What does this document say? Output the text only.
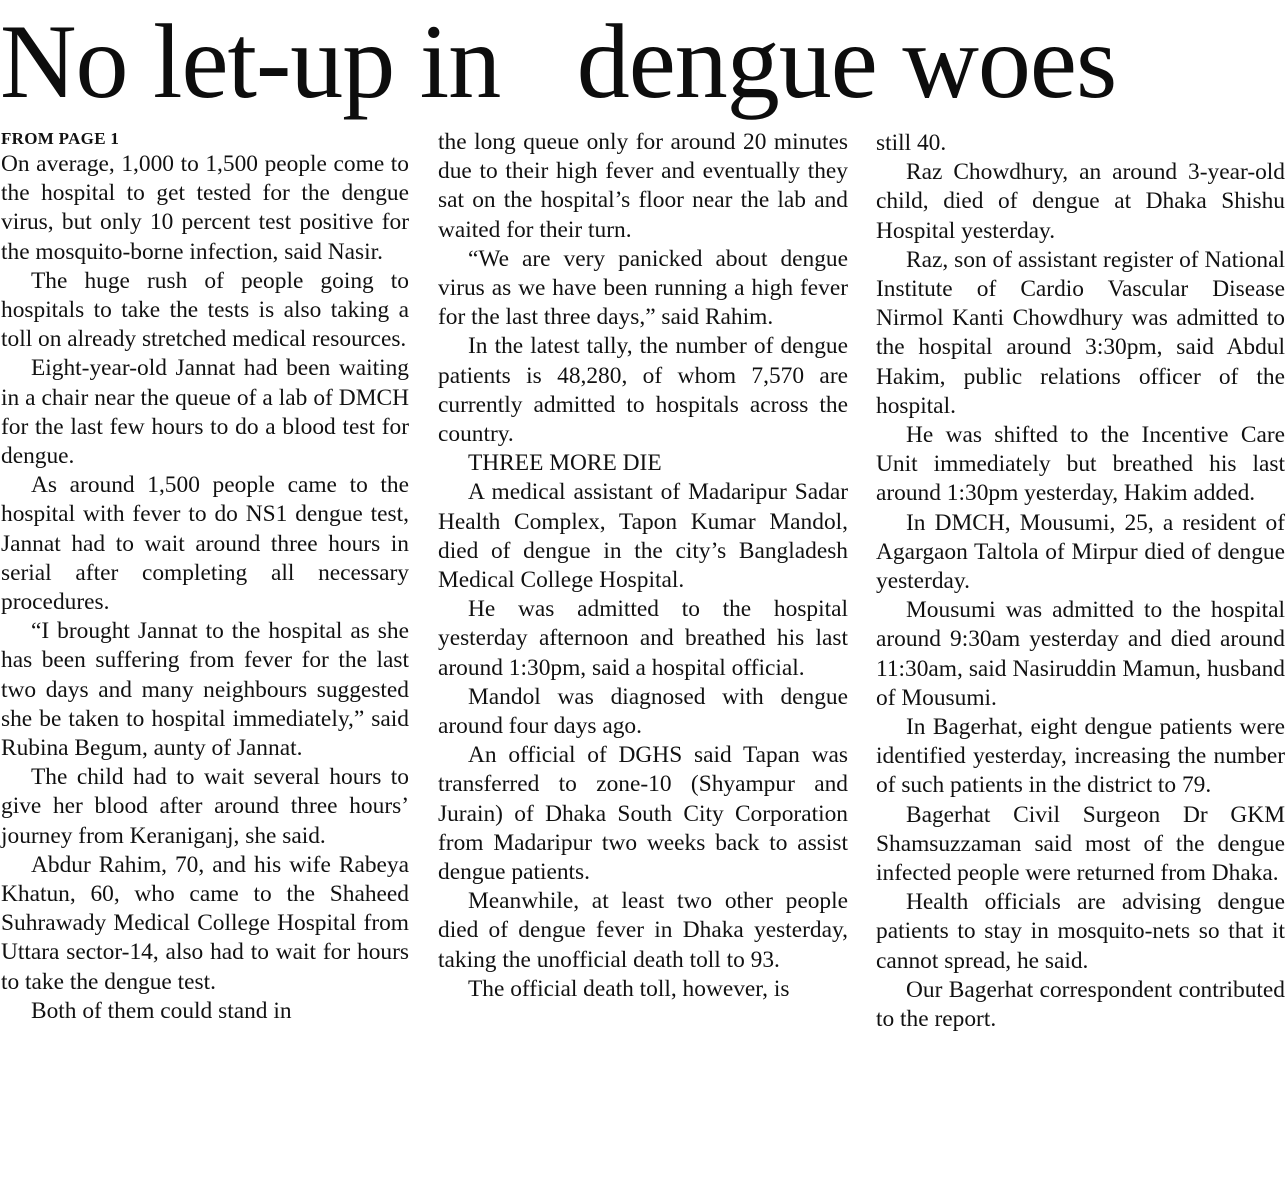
No let-up in   dengue woes
FROM PAGE 1

On average, 1,000 to 1,500 people come to the hospital to get tested for the dengue virus, but only 10 percent test positive for the mosquito-borne infection, said Nasir.

The huge rush of people going to hospitals to take the tests is also taking a toll on already stretched medical resources.

Eight-year-old Jannat had been waiting in a chair near the queue of a lab of DMCH for the last few hours to do a blood test for dengue.

As around 1,500 people came to the hospital with fever to do NS1 dengue test, Jannat had to wait around three hours in serial after completing all necessary procedures.

“I brought Jannat to the hospital as she has been suffering from fever for the last two days and many neighbours suggested she be taken to hospital immediately,” said Rubina Begum, aunty of Jannat.

The child had to wait several hours to give her blood after around three hours’ journey from Keraniganj, she said.

Abdur Rahim, 70, and his wife Rabeya Khatun, 60, who came to the Shaheed Suhrawady Medical College Hospital from Uttara sector-14, also had to wait for hours to take the dengue test.

Both of them could stand in

the long queue only for around 20 minutes due to their high fever and eventually they sat on the hospital’s floor near the lab and waited for their turn.

“We are very panicked about dengue virus as we have been running a high fever for the last three days,” said Rahim.

In the latest tally, the number of dengue patients is 48,280, of whom 7,570 are currently admitted to hospitals across the country.

THREE MORE DIE

A medical assistant of Madaripur Sadar Health Complex, Tapon Kumar Mandol, died of dengue in the city’s Bangladesh Medical College Hospital.

He was admitted to the hospital yesterday afternoon and breathed his last around 1:30pm, said a hospital official.

Mandol was diagnosed with dengue around four days ago.

An official of DGHS said Tapan was transferred to zone-10 (Shyampur and Jurain) of Dhaka South City Corporation from Madaripur two weeks back to assist dengue patients.

Meanwhile, at least two other people died of dengue fever in Dhaka yesterday, taking the unofficial death toll to 93.

The official death toll, however, is

still 40.

Raz Chowdhury, an around 3-year-old child, died of dengue at Dhaka Shishu Hospital yesterday.

Raz, son of assistant register of National Institute of Cardio Vascular Disease Nirmol Kanti Chowdhury was admitted to the hospital around 3:30pm, said Abdul Hakim, public relations officer of the hospital.

He was shifted to the Incentive Care Unit immediately but breathed his last around 1:30pm yesterday, Hakim added.

In DMCH, Mousumi, 25, a resident of Agargaon Taltola of Mirpur died of dengue yesterday.

Mousumi was admitted to the hospital around 9:30am yesterday and died around 11:30am, said Nasiruddin Mamun, husband of Mousumi.

In Bagerhat, eight dengue patients were identified yesterday, increasing the number of such patients in the district to 79.

Bagerhat Civil Surgeon Dr GKM Shamsuzzaman said most of the dengue infected people were returned from Dhaka.

Health officials are advising dengue patients to stay in mosquito-nets so that it cannot spread, he said.

Our Bagerhat correspondent contributed to the report.
